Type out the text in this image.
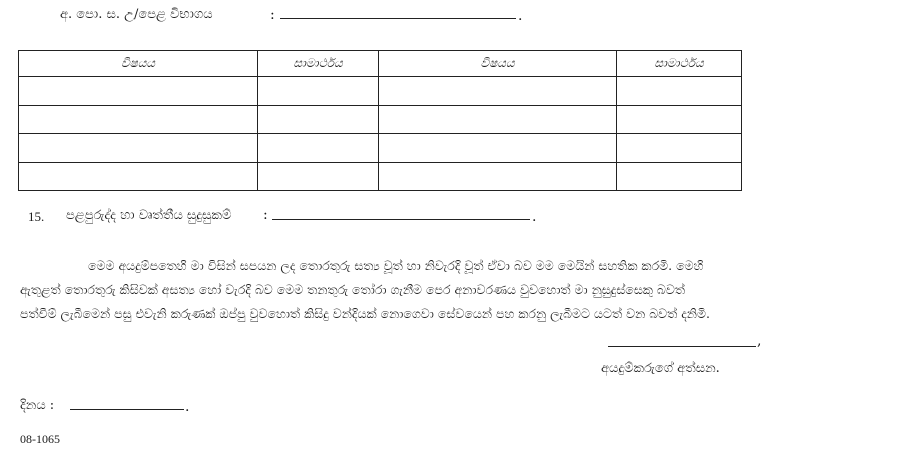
අ. පො. ස. උ/පෙළ විභාගය	:	.
විෂයය	සාමාර්ථය	විෂයය	සාමාර්ථය

15. පළපුරුද්ද හා වෘත්තීය සුදුසුකම් :	.
මෙම අයදුම්පතෙහි මා විසින් සපයන ලද තොරතුරු සත්‍ය වූත් හා නිවැරදි වූත් ඒවා බව මම මෙයින් සහතික කරමි. මෙහි
ඇතුළත් තොරතුරු කිසිවක් අසත්‍ය හෝ වැරදි බව මෙම තනතුරු තෝරා ගැනීම පෙර අනාවරණය වුවහොත් මා නුසුදුස්සෙකු බවත්
පත්වීම් ලැබීමෙන් පසු එවැනි කරුණක් ඔප්පු වුවහොත් කිසිදු වන්දියක් නොගෙවා සේවයෙන් පහ කරනු ලැබීමට යටත් වන බවත් දනිමි.
,
අයදුම්කරුගේ අත්සන.
දිනය :	.
08-1065
